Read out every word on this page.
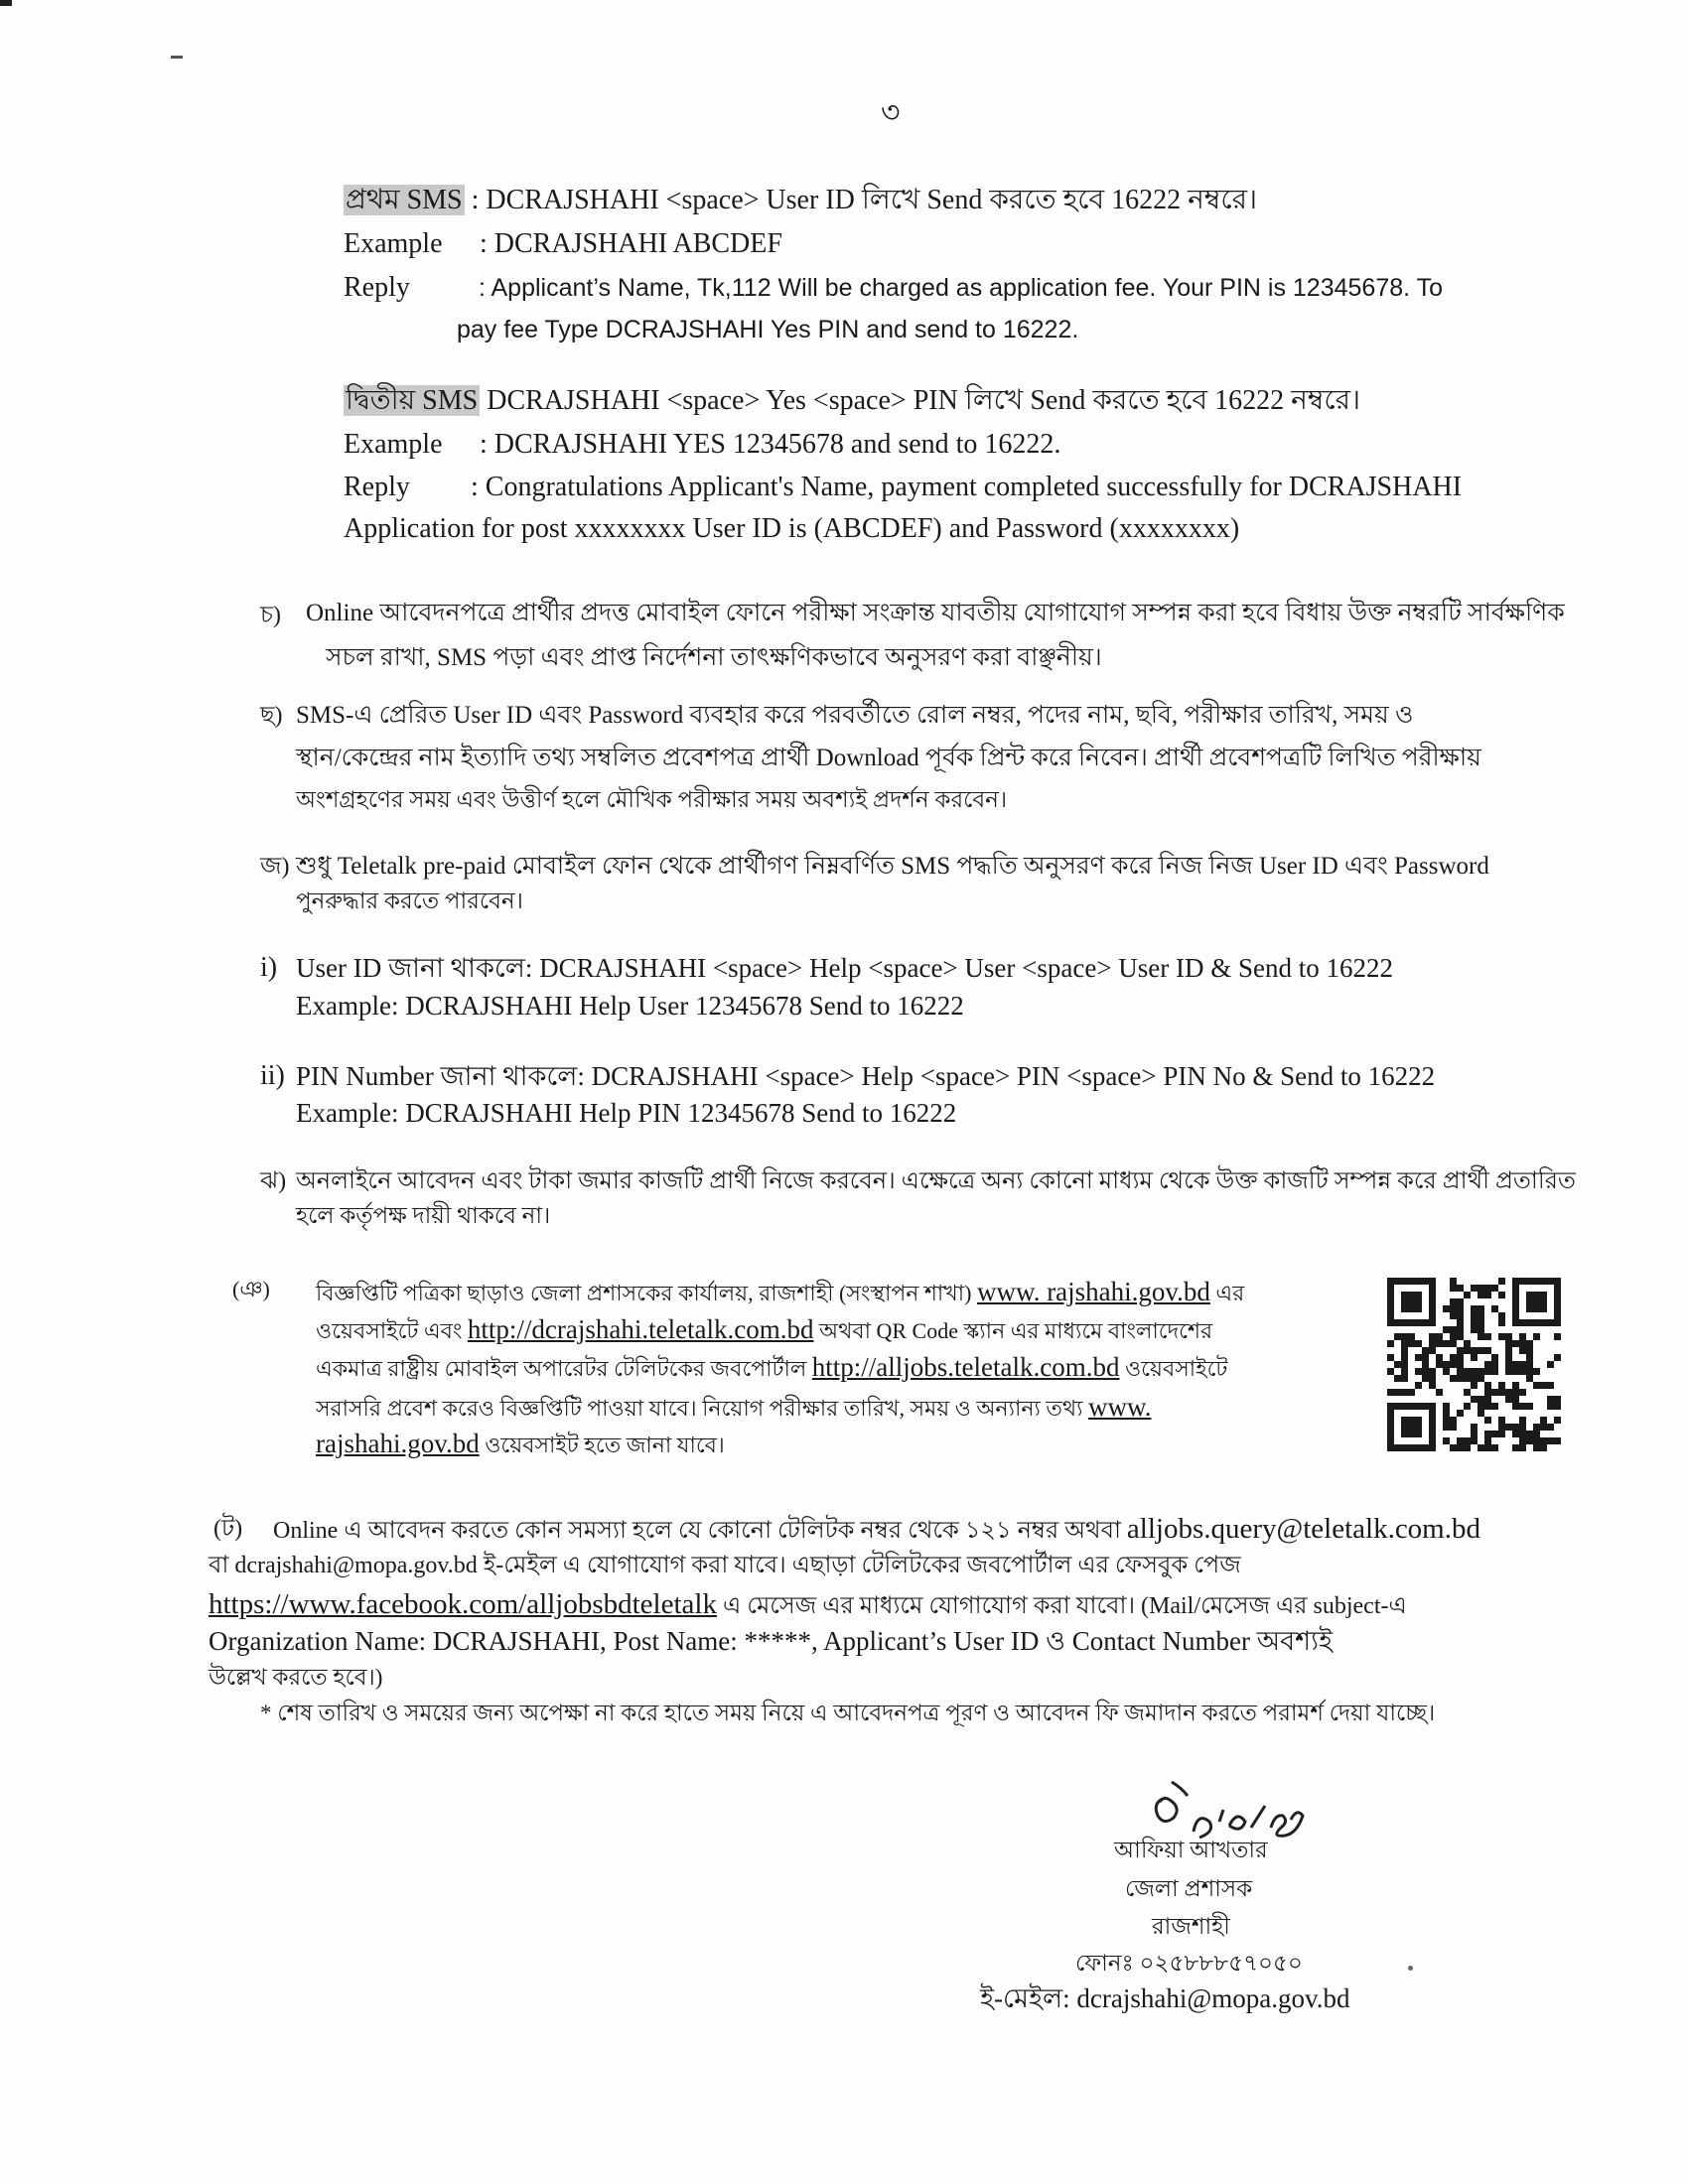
৩
প্রথম SMS : DCRAJSHAHI <space> User ID লিখে Send করতে হবে 16222 নম্বরে।
Example : DCRAJSHAHI ABCDEF
Reply	: Applicant’s Name, Tk,112 Will be charged as application fee. Your PIN is 12345678. To
pay fee Type DCRAJSHAHI Yes PIN and send to 16222.
দ্বিতীয় SMS DCRAJSHAHI <space> Yes <space> PIN লিখে Send করতে হবে 16222 নম্বরে।
Example : DCRAJSHAHI YES 12345678 and send to 16222.
Reply : Congratulations Applicant's Name, payment completed successfully for DCRAJSHAHI
Application for post xxxxxxxx User ID is (ABCDEF) and Password (xxxxxxxx)
চ) Online আবেদনপত্রে প্রার্থীর প্রদত্ত মোবাইল ফোনে পরীক্ষা সংক্রান্ত যাবতীয় যোগাযোগ সম্পন্ন করা হবে বিধায় উক্ত নম্বরটি সার্বক্ষণিক
সচল রাখা, SMS পড়া এবং প্রাপ্ত নির্দেশনা তাৎক্ষণিকভাবে অনুসরণ করা বাঞ্ছনীয়।
ছ) SMS-এ প্রেরিত User ID এবং Password ব্যবহার করে পরবর্তীতে রোল নম্বর, পদের নাম, ছবি, পরীক্ষার তারিখ, সময় ও
স্থান/কেন্দ্রের নাম ইত্যাদি তথ্য সম্বলিত প্রবেশপত্র প্রার্থী Download পূর্বক প্রিন্ট করে নিবেন। প্রার্থী প্রবেশপত্রটি লিখিত পরীক্ষায়
অংশগ্রহণের সময় এবং উত্তীর্ণ হলে মৌখিক পরীক্ষার সময় অবশ্যই প্রদর্শন করবেন।
জ) শুধু Teletalk pre-paid মোবাইল ফোন থেকে প্রার্থীগণ নিম্নবর্ণিত SMS পদ্ধতি অনুসরণ করে নিজ নিজ User ID এবং Password
পুনরুদ্ধার করতে পারবেন।
i) User ID জানা থাকলে: DCRAJSHAHI <space> Help <space> User <space> User ID & Send to 16222
Example: DCRAJSHAHI Help User 12345678 Send to 16222
ii) PIN Number জানা থাকলে: DCRAJSHAHI <space> Help <space> PIN <space> PIN No & Send to 16222
Example: DCRAJSHAHI Help PIN 12345678 Send to 16222
ঝ) অনলাইনে আবেদন এবং টাকা জমার কাজটি প্রার্থী নিজে করবেন। এক্ষেত্রে অন্য কোনো মাধ্যম থেকে উক্ত কাজটি সম্পন্ন করে প্রার্থী প্রতারিত
হলে কর্তৃপক্ষ দায়ী থাকবে না।
(ঞ) বিজ্ঞপ্তিটি পত্রিকা ছাড়াও জেলা প্রশাসকের কার্যালয়, রাজশাহী (সংস্থাপন শাখা) www. rajshahi.gov.bd এর
ওয়েবসাইটে এবং http://dcrajshahi.teletalk.com.bd অথবা QR Code স্ক্যান এর মাধ্যমে বাংলাদেশের
একমাত্র রাষ্ট্রীয় মোবাইল অপারেটর টেলিটকের জবপোর্টাল http://alljobs.teletalk.com.bd ওয়েবসাইটে
সরাসরি প্রবেশ করেও বিজ্ঞপ্তিটি পাওয়া যাবে। নিয়োগ পরীক্ষার তারিখ, সময় ও অন্যান্য তথ্য www.
rajshahi.gov.bd ওয়েবসাইট হতে জানা যাবে।
(ট) Online এ আবেদন করতে কোন সমস্যা হলে যে কোনো টেলিটক নম্বর থেকে ১২১ নম্বর অথবা alljobs.query@teletalk.com.bd
বা dcrajshahi@mopa.gov.bd ই-মেইল এ যোগাযোগ করা যাবে। এছাড়া টেলিটকের জবপোর্টাল এর ফেসবুক পেজ
https://www.facebook.com/alljobsbdteletalk এ মেসেজ এর মাধ্যমে যোগাযোগ করা যাবো। (Mail/মেসেজ এর subject-এ
Organization Name: DCRAJSHAHI, Post Name: *****, Applicant’s User ID ও Contact Number অবশ্যই
উল্লেখ করতে হবে।)
* শেষ তারিখ ও সময়ের জন্য অপেক্ষা না করে হাতে সময় নিয়ে এ আবেদনপত্র পূরণ ও আবেদন ফি জমাদান করতে পরামর্শ দেয়া যাচ্ছে।
আফিয়া আখতার
জেলা প্রশাসক
রাজশাহী
ফোনঃ ০২৫৮৮৮৫৭০৫০
ই-মেইল: dcrajshahi@mopa.gov.bd
